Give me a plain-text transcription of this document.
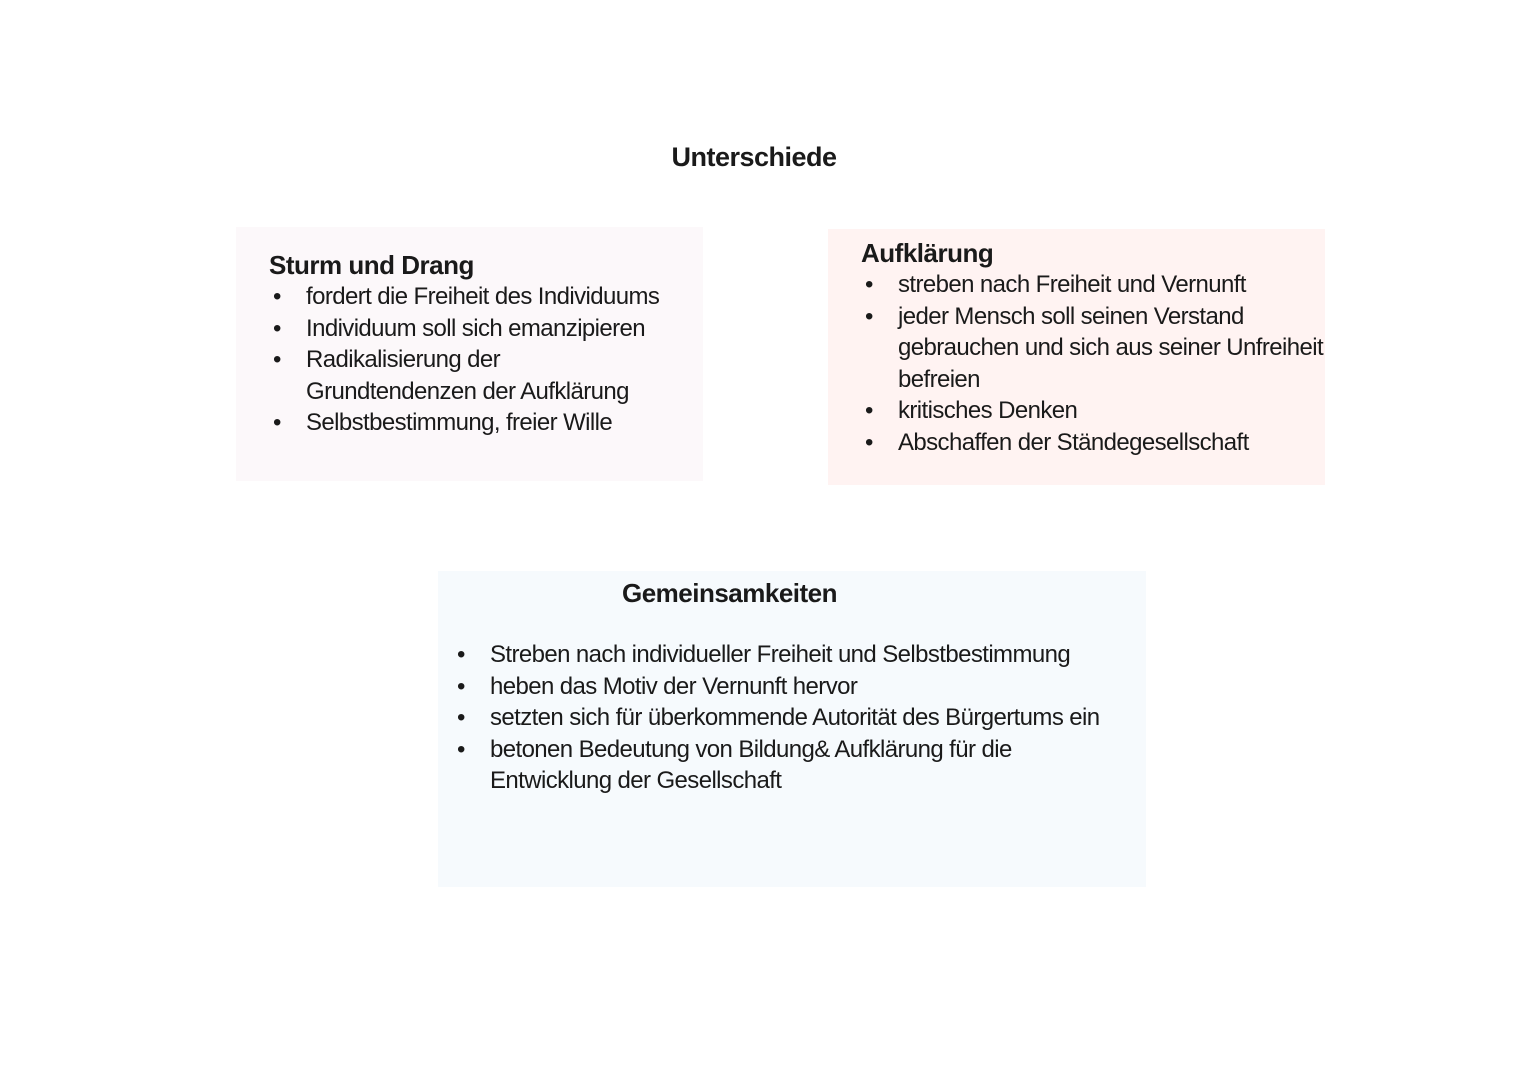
Unterschiede
Sturm und Drang
• fordert die Freiheit des Individuums
• Individuum soll sich emanzipieren
• Radikalisierung der Grundtendenzen der Aufklärung
• Selbstbestimmung, freier Wille
Aufklärung
• streben nach Freiheit und Vernunft
• jeder Mensch soll seinen Verstand gebrauchen und sich aus seiner Unfreiheit befreien
• kritisches Denken
• Abschaffen der Ständegesellschaft
Gemeinsamkeiten
• Streben nach individueller Freiheit und Selbstbestimmung
• heben das Motiv der Vernunft hervor
• setzten sich für überkommende Autorität des Bürgertums ein
• betonen Bedeutung von Bildung& Aufklärung für die Entwicklung der Gesellschaft
